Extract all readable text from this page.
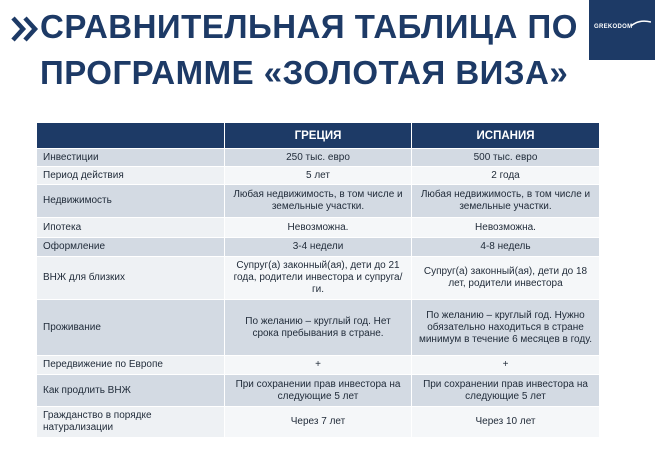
СРАВНИТЕЛЬНАЯ ТАБЛИЦА ПО
ПРОГРАММЕ «ЗОЛОТАЯ ВИЗА»
GREKODOM
	ГРЕЦИЯ	ИСПАНИЯ
Инвестиции	250 тыс. евро	500 тыс. евро
Период действия	5 лет	2 года
Недвижимость	Любая недвижимость, в том числе и земельные участки.	Любая недвижимость, в том числе и земельные участки.
Ипотека	Невозможна.	Невозможна.
Оформление	3-4 недели	4-8 недель
ВНЖ для близких	Супруг(а) законный(ая), дети до 21 года, родители инвестора и супруга/ги.	Супруг(а) законный(ая), дети до 18 лет, родители инвестора
Проживание	По желанию – круглый год. Нет срока пребывания в стране.	По желанию – круглый год. Нужно обязательно находиться в стране минимум в течение 6 месяцев в году.
Передвижение по Европе	+	+
Как продлить ВНЖ	При сохранении прав инвестора на следующие 5 лет	При сохранении прав инвестора на следующие 5 лет
Гражданство в порядке натурализации	Через 7 лет	Через 10 лет
